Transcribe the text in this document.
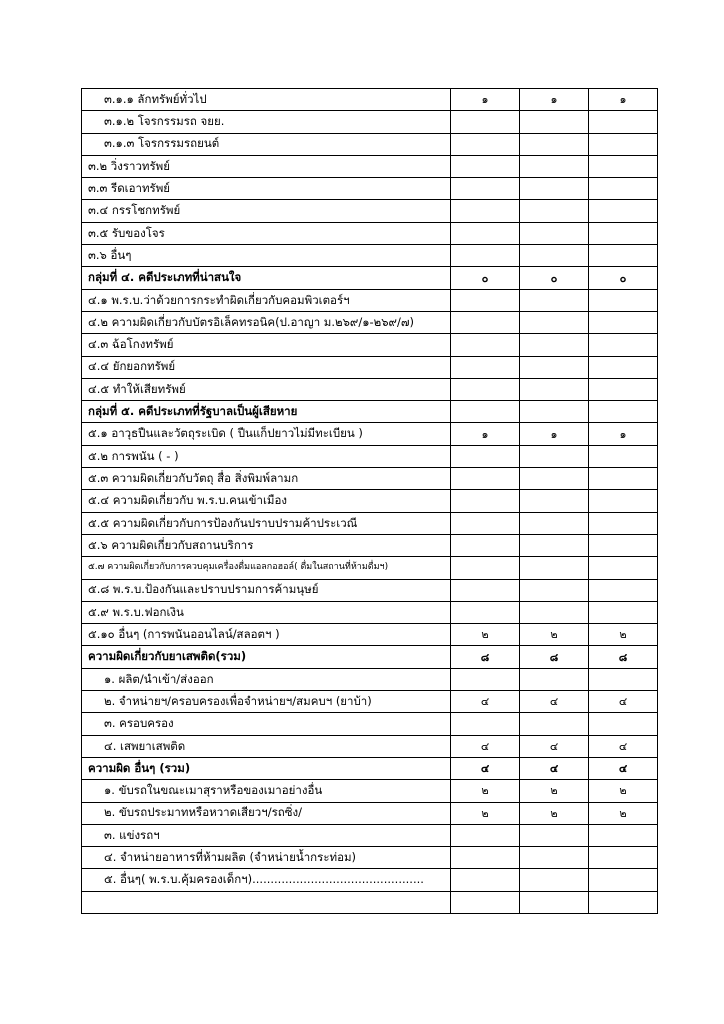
๓.๑.๑ ลักทรัพย์ทั่วไป	๑	๑	๑
๓.๑.๒ โจรกรรมรถ จยย.			
๓.๑.๓ โจรกรรมรถยนต์			
๓.๒ วิ่งราวทรัพย์			
๓.๓ รีดเอาทรัพย์			
๓.๔ กรรโชกทรัพย์			
๓.๕ รับของโจร			
๓.๖ อื่นๆ			
กลุ่มที่ ๔. คดีประเภทที่น่าสนใจ	๐	๐	๐
๔.๑ พ.ร.บ.ว่าด้วยการกระทำผิดเกี่ยวกับคอมพิวเตอร์ฯ			
๔.๒ ความผิดเกี่ยวกับบัตรอิเล็คทรอนิค(ป.อาญา ม.๒๖๙/๑-๒๖๙/๗)			
๔.๓ ฉ้อโกงทรัพย์			
๔.๔ ยักยอกทรัพย์			
๔.๕ ทำให้เสียทรัพย์			
กลุ่มที่ ๕. คดีประเภทที่รัฐบาลเป็นผู้เสียหาย			
๕.๑ อาวุธปืนและวัตถุระเบิด ( ปืนแก็ปยาวไม่มีทะเบียน )	๑	๑	๑
๕.๒ การพนัน ( - )			
๕.๓ ความผิดเกี่ยวกับวัตถุ สื่อ สิ่งพิมพ์ลามก			
๕.๔ ความผิดเกี่ยวกับ พ.ร.บ.คนเข้าเมือง			
๕.๕ ความผิดเกี่ยวกับการป้องกันปราบปรามค้าประเวณี			
๕.๖ ความผิดเกี่ยวกับสถานบริการ			
๕.๗ ความผิดเกี่ยวกับการควบคุมเครื่องดื่มแอลกอฮอล์( ดื่มในสถานที่ห้ามดื่มฯ)			
๕.๘ พ.ร.บ.ป้องกันและปราบปรามการค้ามนุษย์			
๕.๙ พ.ร.บ.ฟอกเงิน			
๕.๑๐ อื่นๆ (การพนันออนไลน์/สลอตฯ )	๒	๒	๒
ความผิดเกี่ยวกับยาเสพติด(รวม)	๘	๘	๘
๑. ผลิต/นำเข้า/ส่งออก			
๒. จำหน่ายฯ/ครอบครองเพื่อจำหน่ายฯ/สมคบฯ (ยาบ้า)	๔	๔	๔
๓. ครอบครอง			
๔. เสพยาเสพติด	๔	๔	๔
ความผิด อื่นๆ (รวม)	๔	๔	๔
๑. ขับรถในขณะเมาสุราหรือของเมาอย่างอื่น	๒	๒	๒
๒. ขับรถประมาทหรือหวาดเสียวฯ/รถซิ่ง/	๒	๒	๒
๓. แข่งรถฯ			
๔. จำหน่ายอาหารที่ห้ามผลิต (จำหน่ายน้ำกระท่อม)			
๕. อื่นๆ( พ.ร.บ.คุ้มครองเด็กฯ)...............................................			
